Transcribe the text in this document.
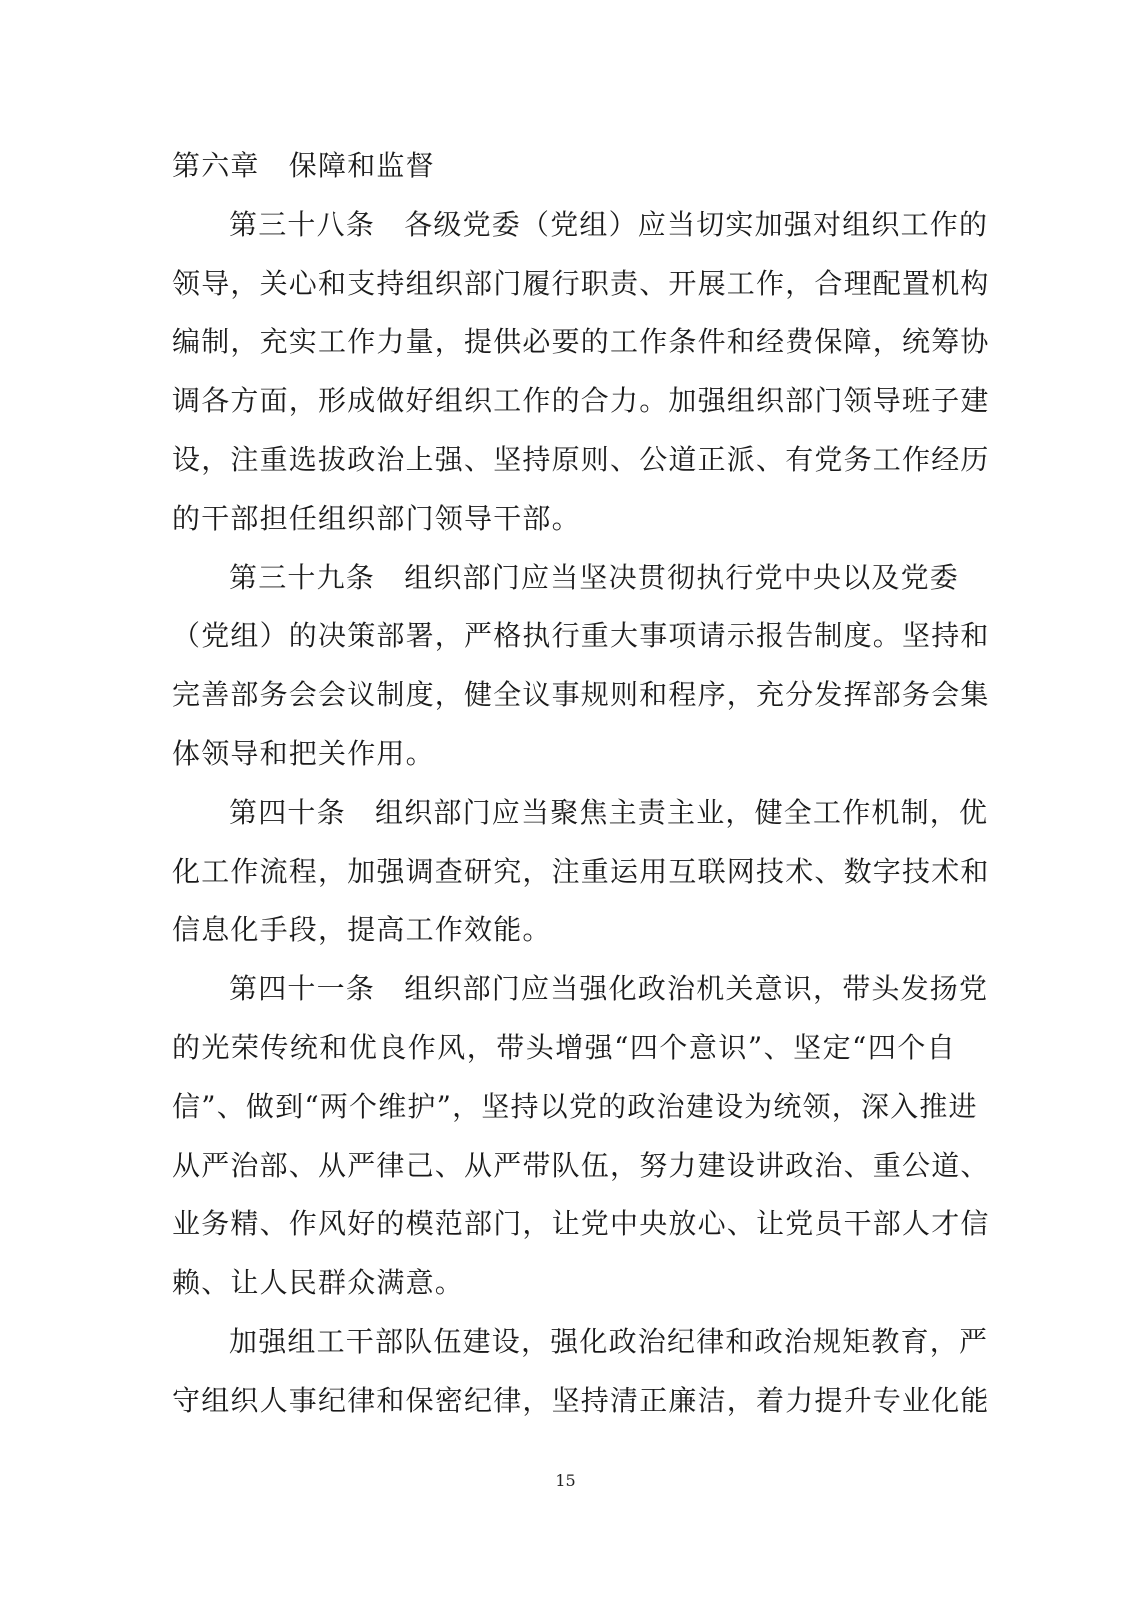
第六章　保障和监督
第三十八条　各级党委（党组）应当切实加强对组织工作的
领导，关心和支持组织部门履行职责、开展工作，合理配置机构
编制，充实工作力量，提供必要的工作条件和经费保障，统筹协
调各方面，形成做好组织工作的合力。加强组织部门领导班子建
设，注重选拔政治上强、坚持原则、公道正派、有党务工作经历
的干部担任组织部门领导干部。
第三十九条　组织部门应当坚决贯彻执行党中央以及党委
（党组）的决策部署，严格执行重大事项请示报告制度。坚持和
完善部务会会议制度，健全议事规则和程序，充分发挥部务会集
体领导和把关作用。
第四十条　组织部门应当聚焦主责主业，健全工作机制，优
化工作流程，加强调查研究，注重运用互联网技术、数字技术和
信息化手段，提高工作效能。
第四十一条　组织部门应当强化政治机关意识，带头发扬党
的光荣传统和优良作风，带头增强“四个意识”、坚定“四个自
信”、做到“两个维护”，坚持以党的政治建设为统领，深入推进
从严治部、从严律己、从严带队伍，努力建设讲政治、重公道、
业务精、作风好的模范部门，让党中央放心、让党员干部人才信
赖、让人民群众满意。
加强组工干部队伍建设，强化政治纪律和政治规矩教育，严
守组织人事纪律和保密纪律，坚持清正廉洁，着力提升专业化能
15
